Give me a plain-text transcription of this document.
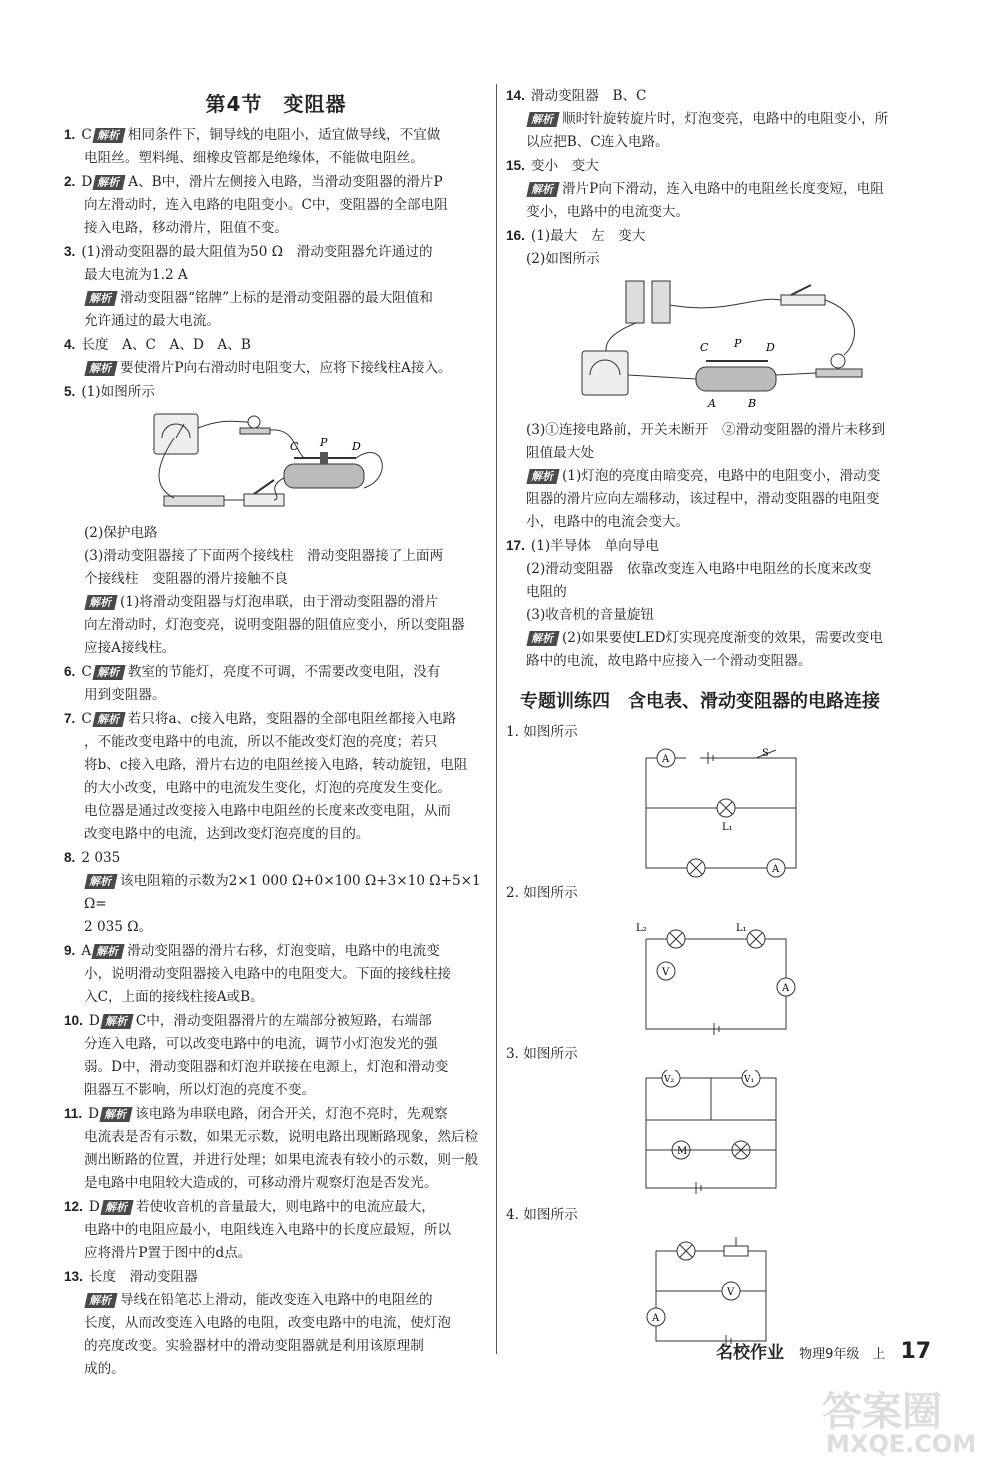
第4节　变阻器
1. C 解析 相同条件下，铜导线的电阻小，适宜做导线，不宜做
电阻丝。塑料绳、细橡皮管都是绝缘体，不能做电阻丝。
2. D 解析 A、B中，滑片左侧接入电路，当滑动变阻器的滑片P
向左滑动时，连入电路的电阻变小。C中，变阻器的全部电阻
接入电路，移动滑片，阻值不变。
3. (1)滑动变阻器的最大阻值为50 Ω　滑动变阻器允许通过的
最大电流为1.2 A
解析 滑动变阻器“铭牌”上标的是滑动变阻器的最大阻值和
允许通过的最大电流。
4. 长度　A、C　A、D　A、B
解析 要使滑片P向右滑动时电阻变大，应将下接线柱A接入。
5. (1)如图所示
C P D
(2)保护电路
(3)滑动变阻器接了下面两个接线柱　滑动变阻器接了上面两
个接线柱　变阻器的滑片接触不良
解析 (1)将滑动变阻器与灯泡串联，由于滑动变阻器的滑片
向左滑动时，灯泡变亮，说明变阻器的阻值应变小，所以变阻器
应接A接线柱。
6. C 解析 教室的节能灯，亮度不可调，不需要改变电阻，没有
用到变阻器。
7. C 解析 若只将a、c接入电路，变阻器的全部电阻丝都接入电路
，不能改变电路中的电流，所以不能改变灯泡的亮度；若只
将b、c接入电路，滑片右边的电阻丝接入电路，转动旋钮，电阻
的大小改变，电路中的电流发生变化，灯泡的亮度发生变化。
电位器是通过改变接入电路中电阻丝的长度来改变电阻，从而
改变电路中的电流，达到改变灯泡亮度的目的。
8. 2 035
解析 该电阻箱的示数为2×1 000 Ω+0×100 Ω+3×10 Ω+5×1 Ω=
2 035 Ω。
9. A 解析 滑动变阻器的滑片右移，灯泡变暗，电路中的电流变
小，说明滑动变阻器接入电路中的电阻变大。下面的接线柱接
入C，上面的接线柱接A或B。
10. D 解析 C中，滑动变阻器滑片的左端部分被短路，右端部
分连入电路，可以改变电路中的电流，调节小灯泡发光的强
弱。D中，滑动变阻器和灯泡并联接在电源上，灯泡和滑动变
阻器互不影响，所以灯泡的亮度不变。
11. D 解析 该电路为串联电路，闭合开关，灯泡不亮时，先观察
电流表是否有示数，如果无示数，说明电路出现断路现象，然后检
测出断路的位置，并进行处理；如果电流表有较小的示数，则一般
是电路中电阻较大造成的，可移动滑片观察灯泡是否发光。
12. D 解析 若使收音机的音量最大，则电路中的电流应最大，
电路中的电阻应最小，电阻线连入电路中的长度应最短，所以
应将滑片P置于图中的d点。
13. 长度　滑动变阻器
解析 导线在铅笔芯上滑动，能改变连入电路中的电阻丝的
长度，从而改变连入电路的电阻，改变电路中的电流，使灯泡
的亮度改变。实验器材中的滑动变阻器就是利用该原理制
成的。
14. 滑动变阻器　B、C
解析 顺时针旋转旋片时，灯泡变亮，电路中的电阻变小，所
以应把B、C连入电路。
15. 变小　变大
解析 滑片P向下滑动，连入电路中的电阻丝长度变短，电阻
变小，电路中的电流变大。
16. (1)最大　左　变大
(2)如图所示
C P D
A	B
(3)①连接电路前，开关未断开　②滑动变阻器的滑片未移到
阻值最大处
解析 (1)灯泡的亮度由暗变亮，电路中的电阻变小，滑动变
阻器的滑片应向左端移动，该过程中，滑动变阻器的电阻变
小，电路中的电流会变大。
17. (1)半导体　单向导电
(2)滑动变阻器　依靠改变连入电路中电阻丝的长度来改变
电阻的
(3)收音机的音量旋钮
解析 (2)如果要使LED灯实现亮度渐变的效果，需要改变电
路中的电流，故电路中应接入一个滑动变阻器。
专题训练四　含电表、滑动变阻器的电路连接
1. 如图所示
A
S
L₁
A
2. 如图所示
L₂	L₁
V
A
3. 如图所示
V₂	V₁
M
4. 如图所示
V
A
名校作业 物理9年级　上 17
答案圈
MXQE.COM
